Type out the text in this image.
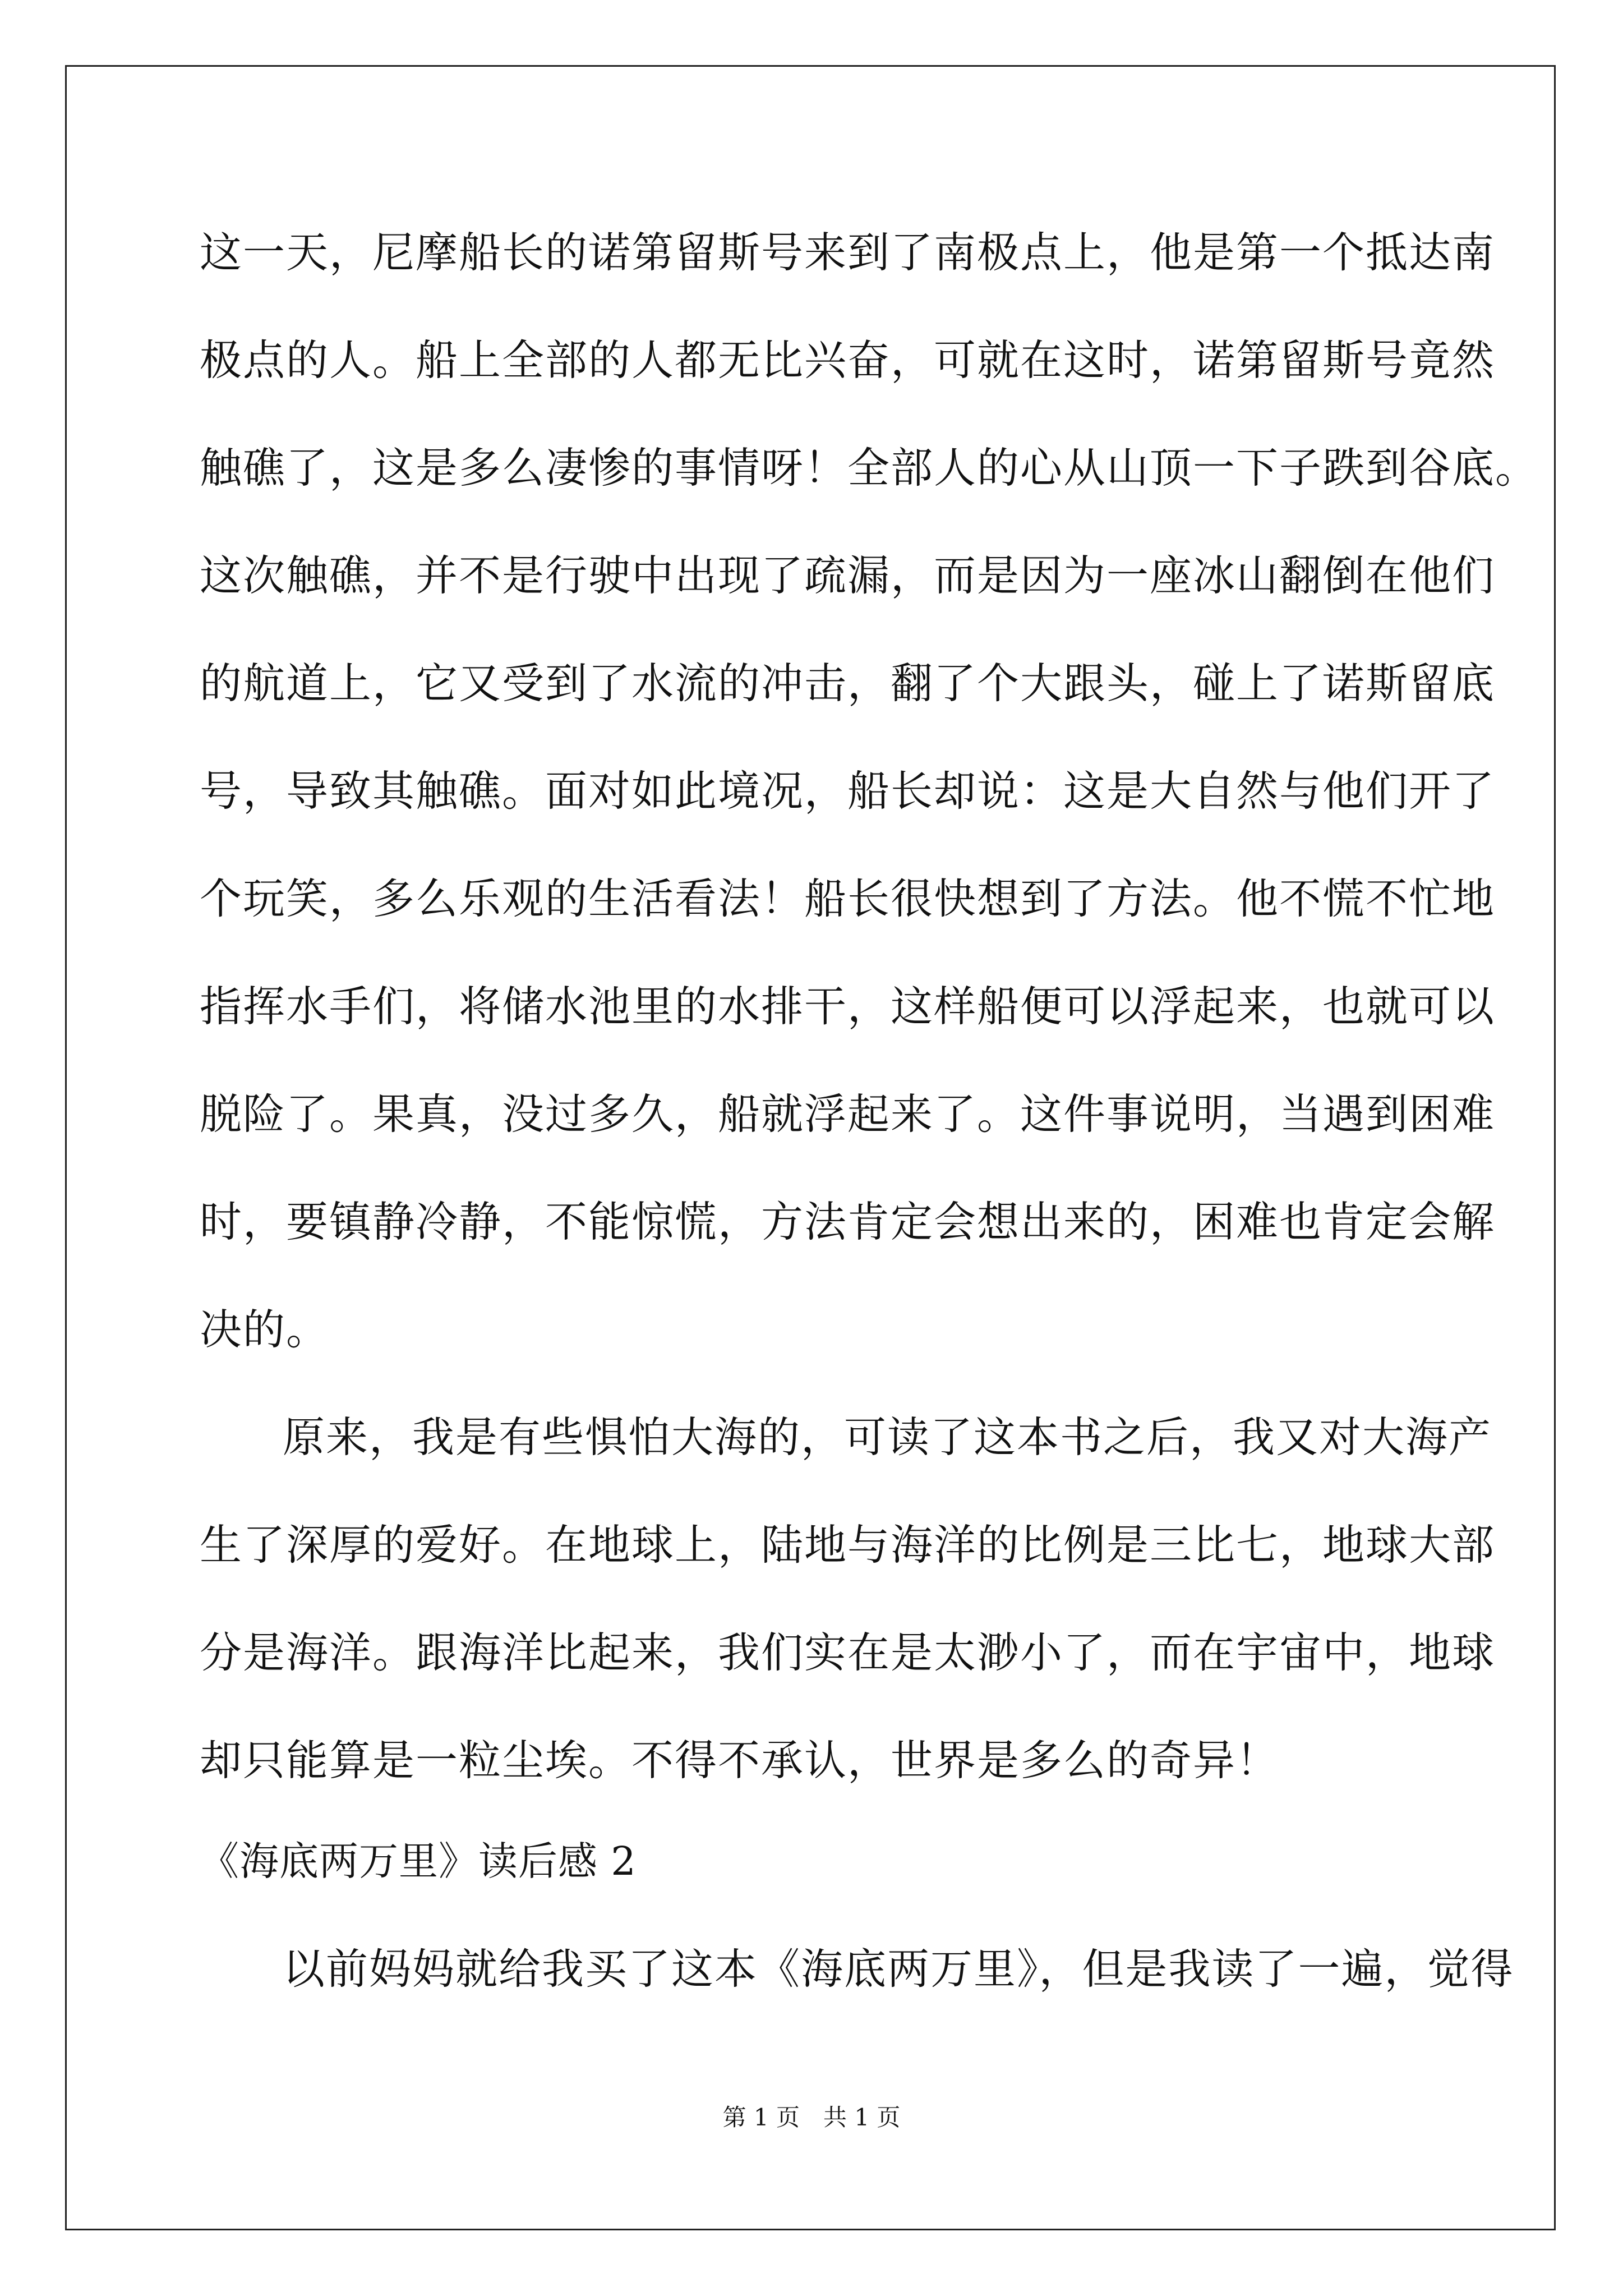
这一天，尼摩船长的诺第留斯号来到了南极点上，他是第一个抵达南
极点的人。船上全部的人都无比兴奋，可就在这时，诺第留斯号竟然
触礁了，这是多么凄惨的事情呀！全部人的心从山顶一下子跌到谷底。
这次触礁，并不是行驶中出现了疏漏，而是因为一座冰山翻倒在他们
的航道上，它又受到了水流的冲击，翻了个大跟头，碰上了诺斯留底
号，导致其触礁。面对如此境况，船长却说：这是大自然与他们开了
个玩笑，多么乐观的生活看法！船长很快想到了方法。他不慌不忙地
指挥水手们，将储水池里的水排干，这样船便可以浮起来，也就可以
脱险了。果真，没过多久，船就浮起来了。这件事说明，当遇到困难
时，要镇静冷静，不能惊慌，方法肯定会想出来的，困难也肯定会解
决的。
原来，我是有些惧怕大海的，可读了这本书之后，我又对大海产
生了深厚的爱好。在地球上，陆地与海洋的比例是三比七，地球大部
分是海洋。跟海洋比起来，我们实在是太渺小了，而在宇宙中，地球
却只能算是一粒尘埃。不得不承认，世界是多么的奇异！
《海底两万里》读后感 2
以前妈妈就给我买了这本《海底两万里》，但是我读了一遍，觉得
第 1 页　共 1 页
